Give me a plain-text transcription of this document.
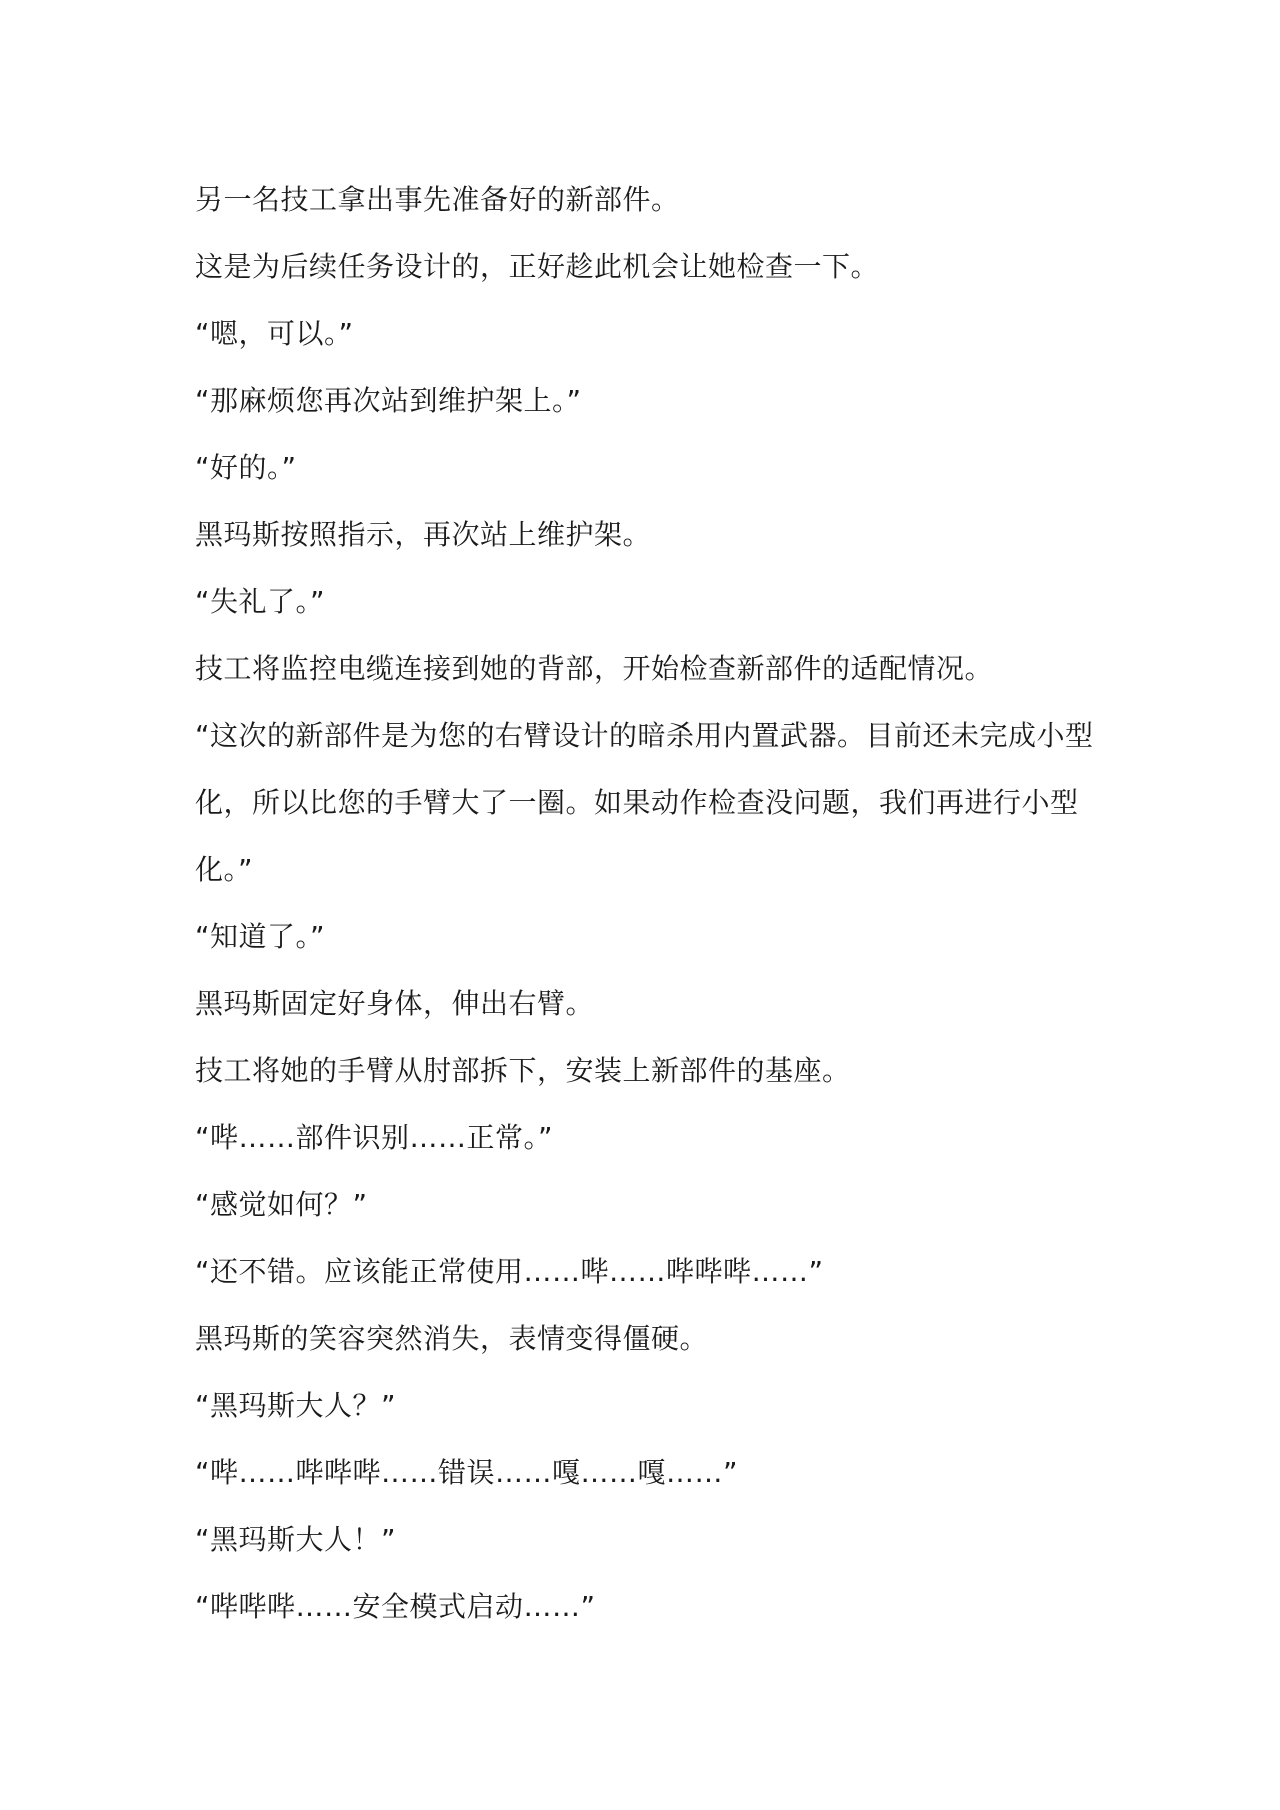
另一名技工拿出事先准备好的新部件。

这是为后续任务设计的，正好趁此机会让她检查一下。

“嗯，可以。”

“那麻烦您再次站到维护架上。”

“好的。”

黑玛斯按照指示，再次站上维护架。

“失礼了。”

技工将监控电缆连接到她的背部，开始检查新部件的适配情况。

“这次的新部件是为您的右臂设计的暗杀用内置武器。目前还未完成小型化，所以比您的手臂大了一圈。如果动作检查没问题，我们再进行小型化。”

“知道了。”

黑玛斯固定好身体，伸出右臂。

技工将她的手臂从肘部拆下，安装上新部件的基座。

“哔……部件识别……正常。”

“感觉如何？”

“还不错。应该能正常使用……哔……哔哔哔……”

黑玛斯的笑容突然消失，表情变得僵硬。

“黑玛斯大人？”

“哔……哔哔哔……错误……嘎……嘎……”

“黑玛斯大人！”

“哔哔哔……安全模式启动……”
